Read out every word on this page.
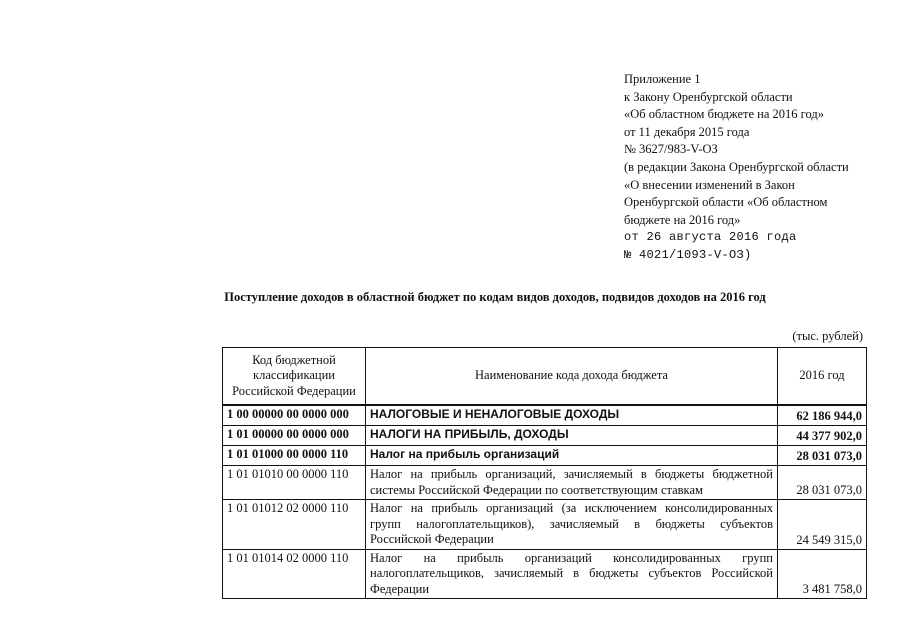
Приложение 1
к Закону Оренбургской области
«Об областном бюджете на 2016 год»
от 11 декабря 2015 года
№ 3627/983-V-ОЗ
(в редакции Закона Оренбургской области
«О внесении изменений в Закон
Оренбургской области «Об областном
бюджете на 2016 год»
от 26 августа 2016 года
№ 4021/1093-V-ОЗ)
Поступление доходов в областной бюджет по кодам видов доходов, подвидов доходов на 2016 год
(тыс. рублей)
Код бюджетной классификации Российской Федерации	Наименование кода дохода бюджета	2016 год
1 00 00000 00 0000 000	НАЛОГОВЫЕ И НЕНАЛОГОВЫЕ ДОХОДЫ	62 186 944,0
1 01 00000 00 0000 000	НАЛОГИ НА ПРИБЫЛЬ, ДОХОДЫ	44 377 902,0
1 01 01000 00 0000 110	Налог на прибыль организаций	28 031 073,0
1 01 01010 00 0000 110	Налог на прибыль организаций, зачисляемый в бюджеты бюджетной системы Российской Федерации по соответствующим ставкам	28 031 073,0
1 01 01012 02 0000 110	Налог на прибыль организаций (за исключением консолидированных групп налогоплательщиков), зачисляемый в бюджеты субъектов Российской Федерации	24 549 315,0
1 01 01014 02 0000 110	Налог на прибыль организаций консолидированных групп налогоплательщиков, зачисляемый в бюджеты субъектов Российской Федерации	3 481 758,0
